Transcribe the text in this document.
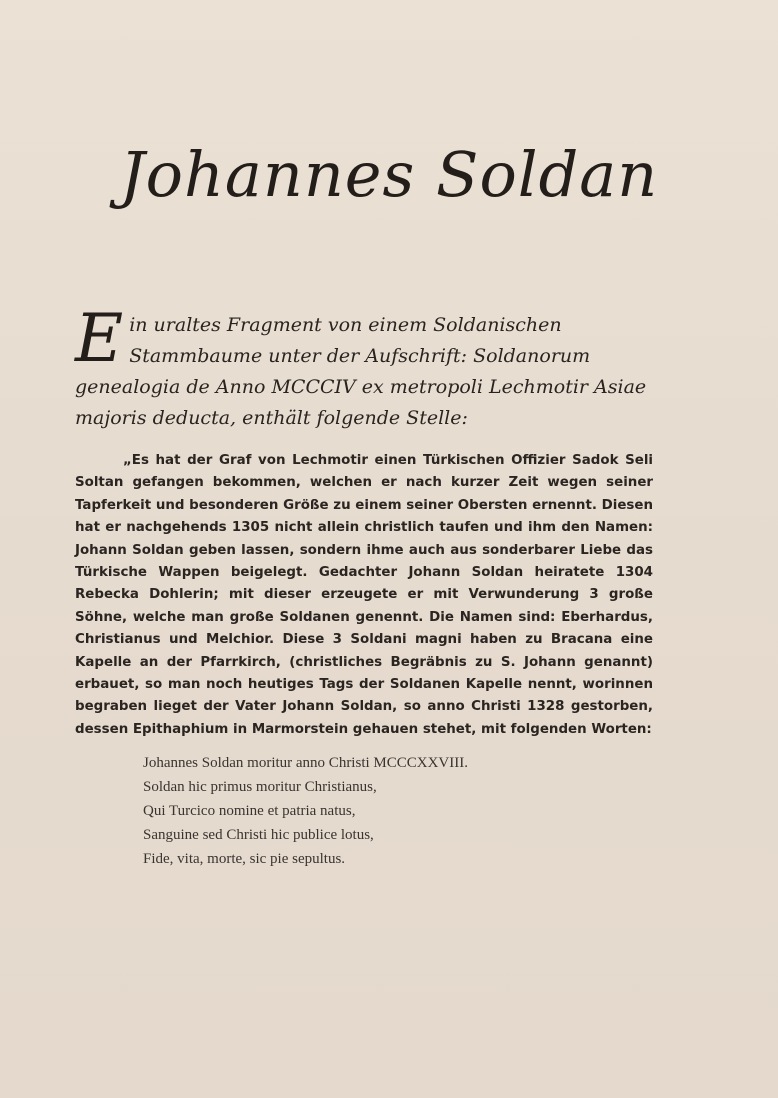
Johannes Soldan

Ein uraltes Fragment von einem Soldanischen Stammbaume unter der Aufschrift: Soldanorum genealogia de Anno MCCCIV ex metropoli Lechmotir Asiae majoris deducta, enthält folgende Stelle:

„Es hat der Graf von Lechmotir einen Türkischen Offizier Sadok Seli Soltan gefangen bekommen, welchen er nach kurzer Zeit wegen seiner Tapferkeit und besonderen Größe zu einem seiner Obersten ernennt. Diesen hat er nachgehends 1305 nicht allein christlich taufen und ihm den Namen: Johann Soldan geben lassen, sondern ihme auch aus sonderbarer Liebe das Türkische Wappen beigelegt. Gedachter Johann Soldan heiratete 1304 Rebecka Dohlerin; mit dieser erzeugete er mit Verwunderung 3 große Söhne, welche man große Soldanen genennt. Die Namen sind: Eberhardus, Christianus und Melchior. Diese 3 Soldani magni haben zu Bracana eine Kapelle an der Pfarrkirch, (christliches Begräbnis zu S. Johann genannt) erbauet, so man noch heutiges Tags der Soldanen Kapelle nennt, worinnen begraben lieget der Vater Johann Soldan, so anno Christi 1328 gestorben, dessen Epithaphium in Marmorstein gehauen stehet, mit folgenden Worten:

Johannes Soldan moritur anno Christi MCCCXXVIII.
Soldan hic primus moritur Christianus,
Qui Turcico nomine et patria natus,
Sanguine sed Christi hic publice lotus,
Fide, vita, morte, sic pie sepultus.
